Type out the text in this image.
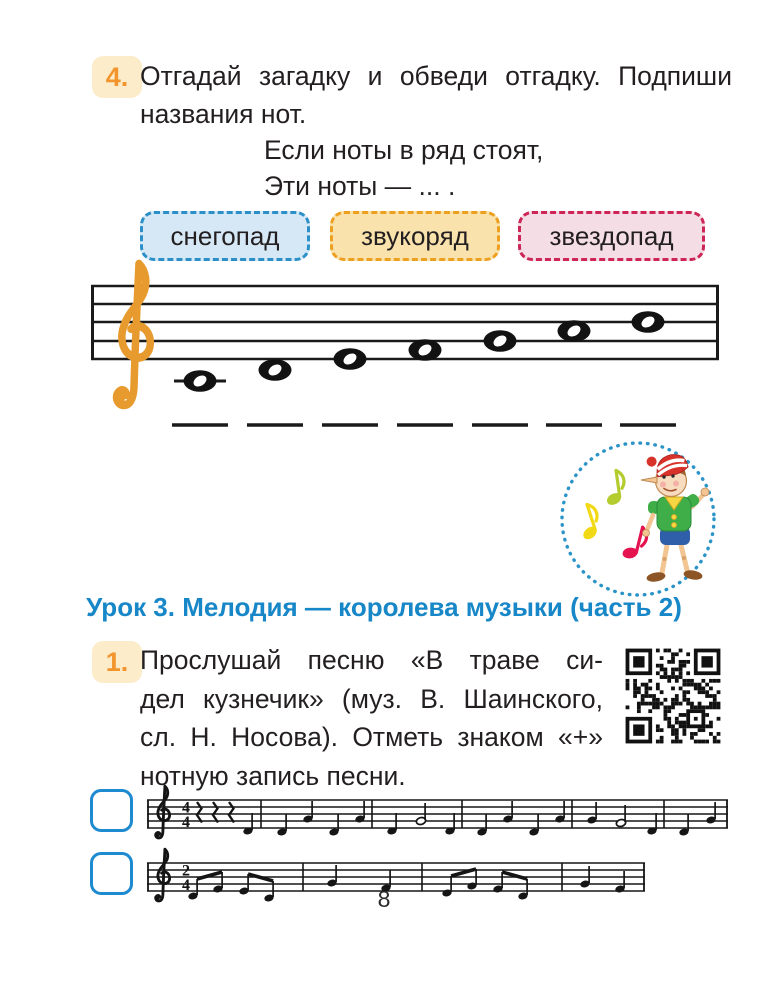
4. Отгадай загадку и обведи отгадку. Подпиши
названия нот.
Если ноты в ряд стоят,
Эти ноты — ... .
снегопад	звукоряд	звездопад
Урок 3. Мелодия — королева музыки (часть 2)
1. Прослушай песню «В траве си-
дел кузнечик» (муз. В. Шаинского,
сл. Н. Носова). Отметь знаком «+»
нотную запись песни.
4
4
2
4
8
